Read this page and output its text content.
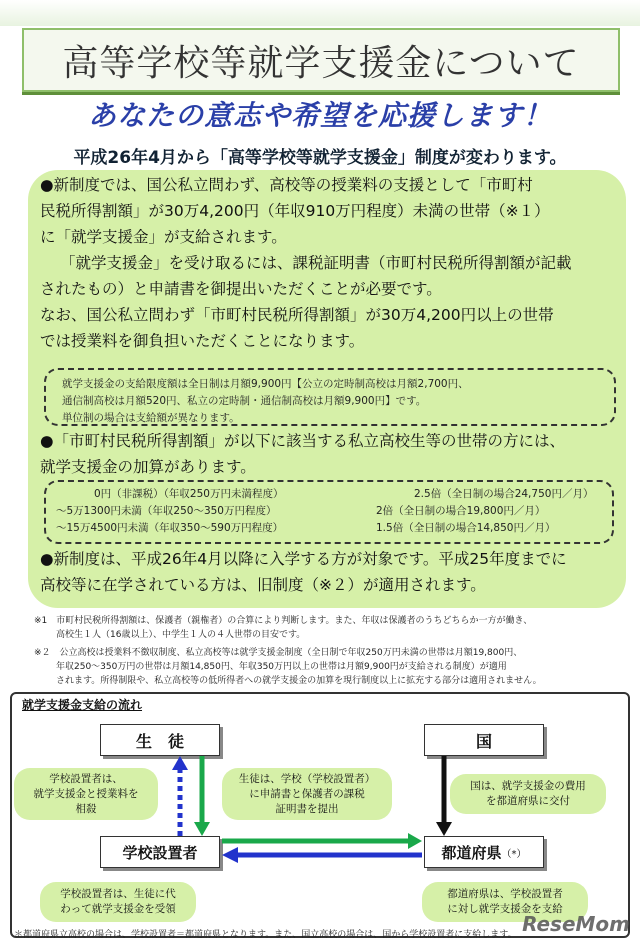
高等学校等就学支援金について
あなたの意志や希望を応援します！
平成26年4月から「高等学校等就学支援金」制度が変わります。
●新制度では、国公私立問わず、高校等の授業料の支援として「市町村
民税所得割額」が30万4,200円（年収910万円程度）未満の世帯（※１）
に「就学支援金」が支給されます。
「就学支援金」を受け取るには、課税証明書（市町村民税所得割額が記載
されたもの）と申請書を御提出いただくことが必要です。
なお、国公私立問わず「市町村民税所得割額」が30万4,200円以上の世帯
では授業料を御負担いただくことになります。
就学支援金の支給限度額は全日制は月額9,900円【公立の定時制高校は月額2,700円、
通信制高校は月額520円、私立の定時制・通信制高校は月額9,900円】です。
単位制の場合は支給額が異なります。
●「市町村民税所得割額」が以下に該当する私立高校生等の世帯の方には、
就学支援金の加算があります。
0円（非課税）（年収250万円未満程度）	2.5倍（全日制の場合24,750円／月）
～5万1300円未満（年収250～350万円程度）	2倍（全日制の場合19,800円／月）
～15万4500円未満（年収350～590万円程度）	1.5倍（全日制の場合14,850円／月）
●新制度は、平成26年4月以降に入学する方が対象です。平成25年度までに
高校等に在学されている方は、旧制度（※２）が適用されます。
※1　市町村民税所得割額は、保護者（親権者）の合算により判断します。また、年収は保護者のうちどちらか一方が働き、
高校生１人（16歳以上）、中学生１人の４人世帯の目安です。
※２　公立高校は授業料不徴収制度、私立高校等は就学支援金制度（全日制で年収250万円未満の世帯は月額19,800円、
年収250～350万円の世帯は月額14,850円、年収350万円以上の世帯は月額9,900円が支給される制度）が適用
されます。所得制限や、私立高校等の低所得者への就学支援金の加算を現行制度以上に拡充する部分は適用されません。
就学支援金支給の流れ
生　徒	国
学校設置者	都道府県 （*）
学校設置者は、
就学支援金と授業料を
相殺
生徒は、学校（学校設置者）
に申請書と保護者の課税
証明書を提出
国は、就学支援金の費用
を都道府県に交付
学校設置者は、生徒に代
わって就学支援金を受領
都道府県は、学校設置者
に対し就学支援金を支給
＊都道府県立高校の場合は、学校設置者＝都道府県となります。また、国立高校の場合は、国から学校設置者に支給します。 ReseMom
